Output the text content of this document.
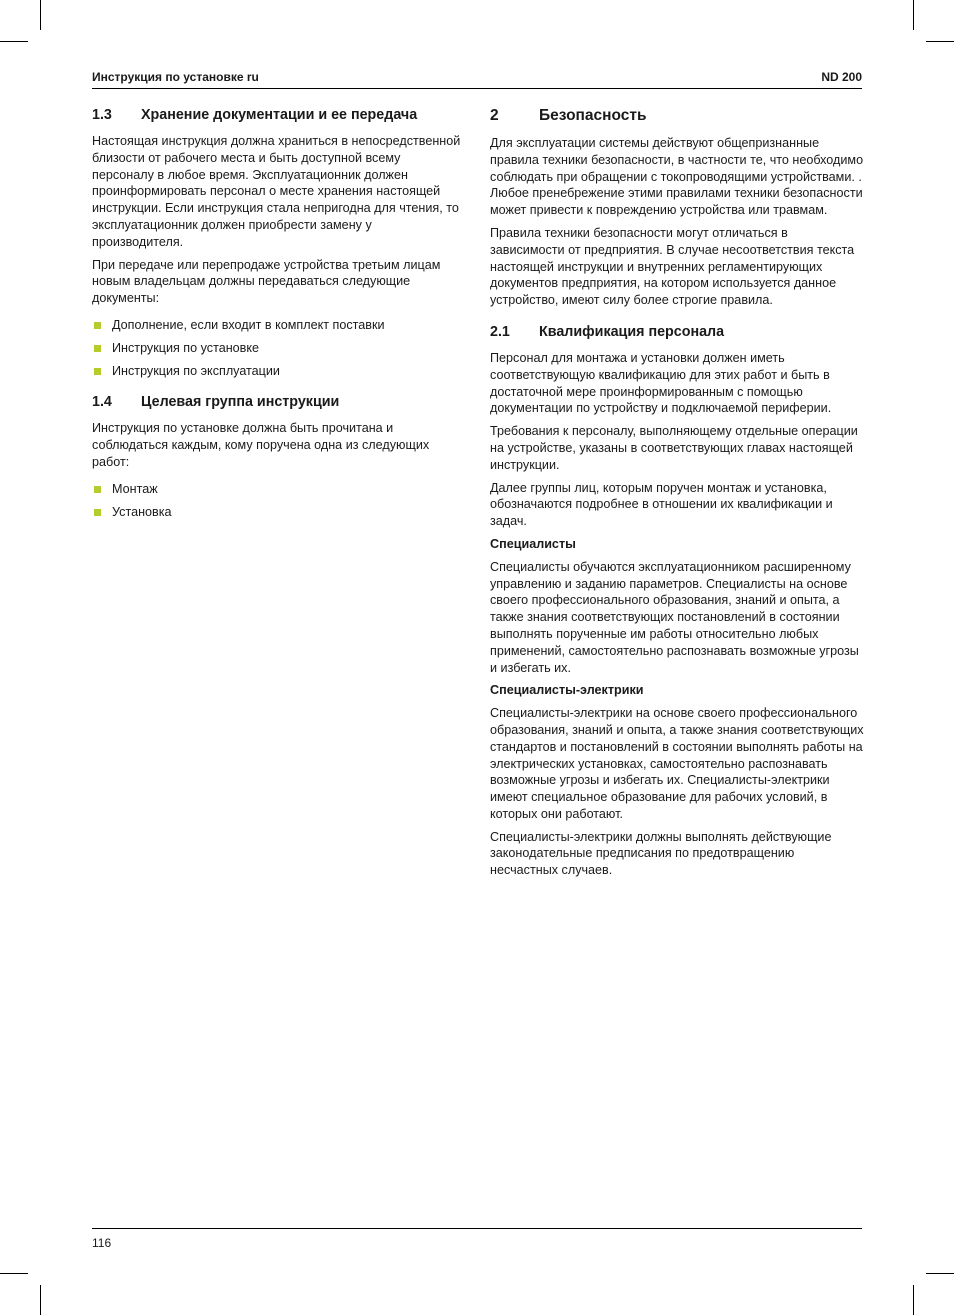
Инструкция по установке ru	ND 200
1.3	Хранение документации и ее передача

Настоящая инструкция должна храниться в непосредственной близости от рабочего места и быть доступной всему персоналу в любое время. Эксплуатационник должен проинформировать персонал о месте хранения настоящей инструкции. Если инструкция стала непригодна для чтения, то эксплуатационник должен приобрести замену у производителя.

При передаче или перепродаже устройства третьим лицам новым владельцам должны передаваться следующие документы:

Дополнение, если входит в комплект поставки
Инструкция по установке
Инструкция по эксплуатации
1.4	Целевая группа инструкции

Инструкция по установке должна быть прочитана и соблюдаться каждым, кому поручена одна из следующих работ:

Монтаж
Установка
2	Безопасность

Для эксплуатации системы действуют общепризнанные правила техники безопасности, в частности те, что необходимо соблюдать при обращении с токопроводящими устройствами. . Любое пренебрежение этими правилами техники безопасности может привести к повреждению устройства или травмам.

Правила техники безопасности могут отличаться в зависимости от предприятия. В случае несоответствия текста настоящей инструкции и внутренних регламентирующих документов предприятия, на котором используется данное устройство, имеют силу более строгие правила.

2.1	Квалификация персонала

Персонал для монтажа и установки должен иметь соответствующую квалификацию для этих работ и быть в достаточной мере проинформированным с помощью документации по устройству и подключаемой периферии.

Требования к персоналу, выполняющему отдельные операции на устройстве, указаны в соответствующих главах настоящей инструкции.

Далее группы лиц, которым поручен монтаж и установка, обозначаются подробнее в отношении их квалификации и задач.

Специалисты

Специалисты обучаются эксплуатационником расширенному управлению и заданию параметров. Специалисты на основе своего профессионального образования, знаний и опыта, а также знания соответствующих постановлений в состоянии выполнять порученные им работы относительно любых применений, самостоятельно распознавать возможные угрозы и избегать их.

Специалисты-электрики

Специалисты-электрики на основе своего профессионального образования, знаний и опыта, а также знания соответствующих стандартов и постановлений в состоянии выполнять работы на электрических установках, самостоятельно распознавать возможные угрозы и избегать их. Специалисты-электрики имеют специальное образование для рабочих условий, в которых они работают.

Специалисты-электрики должны выполнять действующие законодательные предписания по предотвращению несчастных случаев.

116
